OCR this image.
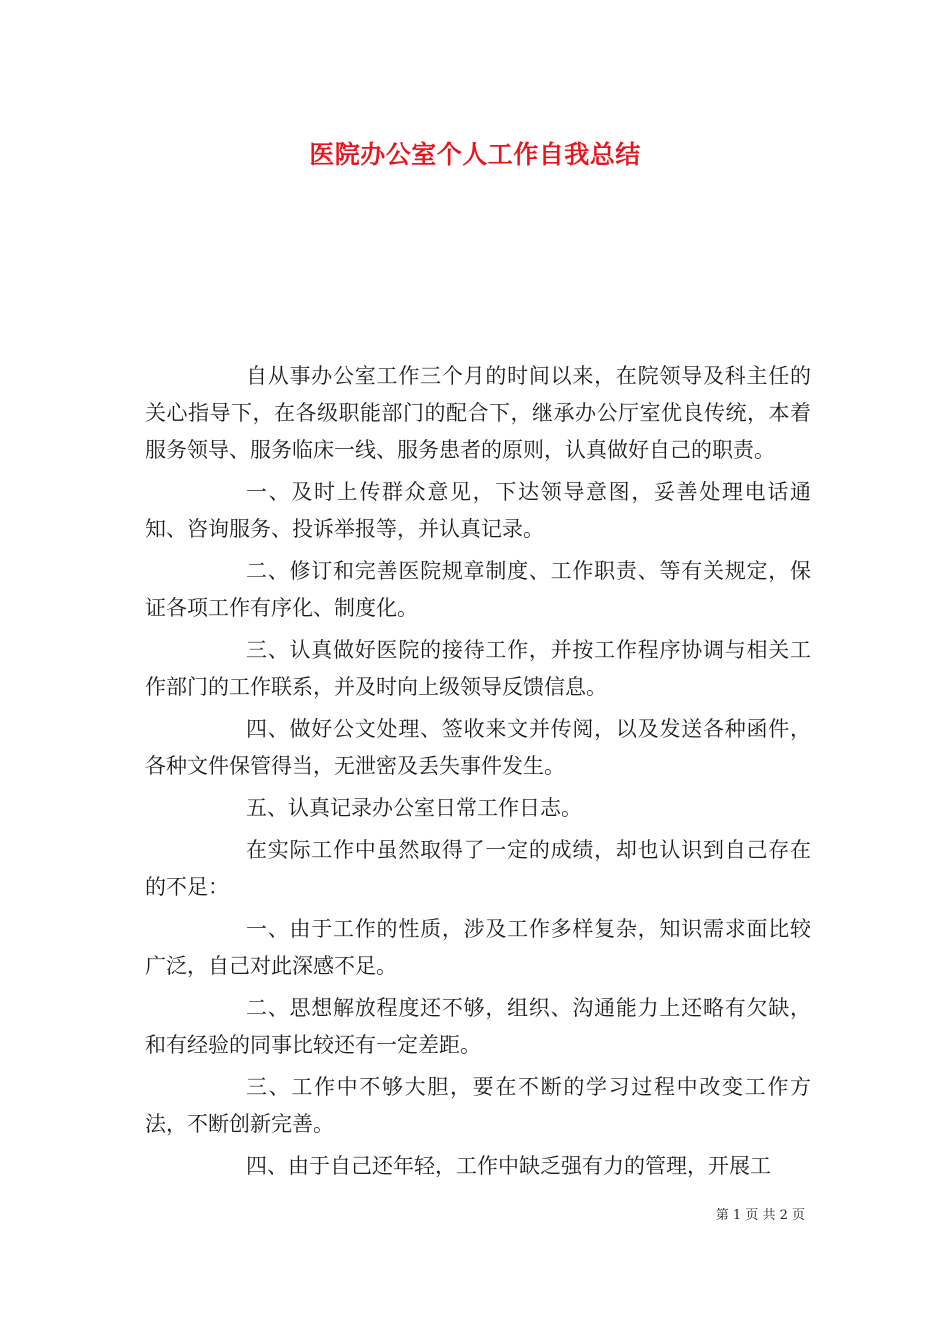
医院办公室个人工作自我总结

自从事办公室工作三个月的时间以来，在院领导及科主任的关心指导下，在各级职能部门的配合下，继承办公厅室优良传统，本着服务领导、服务临床一线、服务患者的原则，认真做好自己的职责。

一、及时上传群众意见，下达领导意图，妥善处理电话通知、咨询服务、投诉举报等，并认真记录。

二、修订和完善医院规章制度、工作职责、等有关规定，保证各项工作有序化、制度化。

三、认真做好医院的接待工作，并按工作程序协调与相关工作部门的工作联系，并及时向上级领导反馈信息。

四、做好公文处理、签收来文并传阅，以及发送各种函件，各种文件保管得当，无泄密及丢失事件发生。

五、认真记录办公室日常工作日志。

在实际工作中虽然取得了一定的成绩，却也认识到自己存在的不足：

一、由于工作的性质，涉及工作多样复杂，知识需求面比较广泛，自己对此深感不足。

二、思想解放程度还不够，组织、沟通能力上还略有欠缺，和有经验的同事比较还有一定差距。

三、工作中不够大胆，要在不断的学习过程中改变工作方法，不断创新完善。

四、由于自己还年轻，工作中缺乏强有力的管理，开展工

第 1 页 共 2 页
